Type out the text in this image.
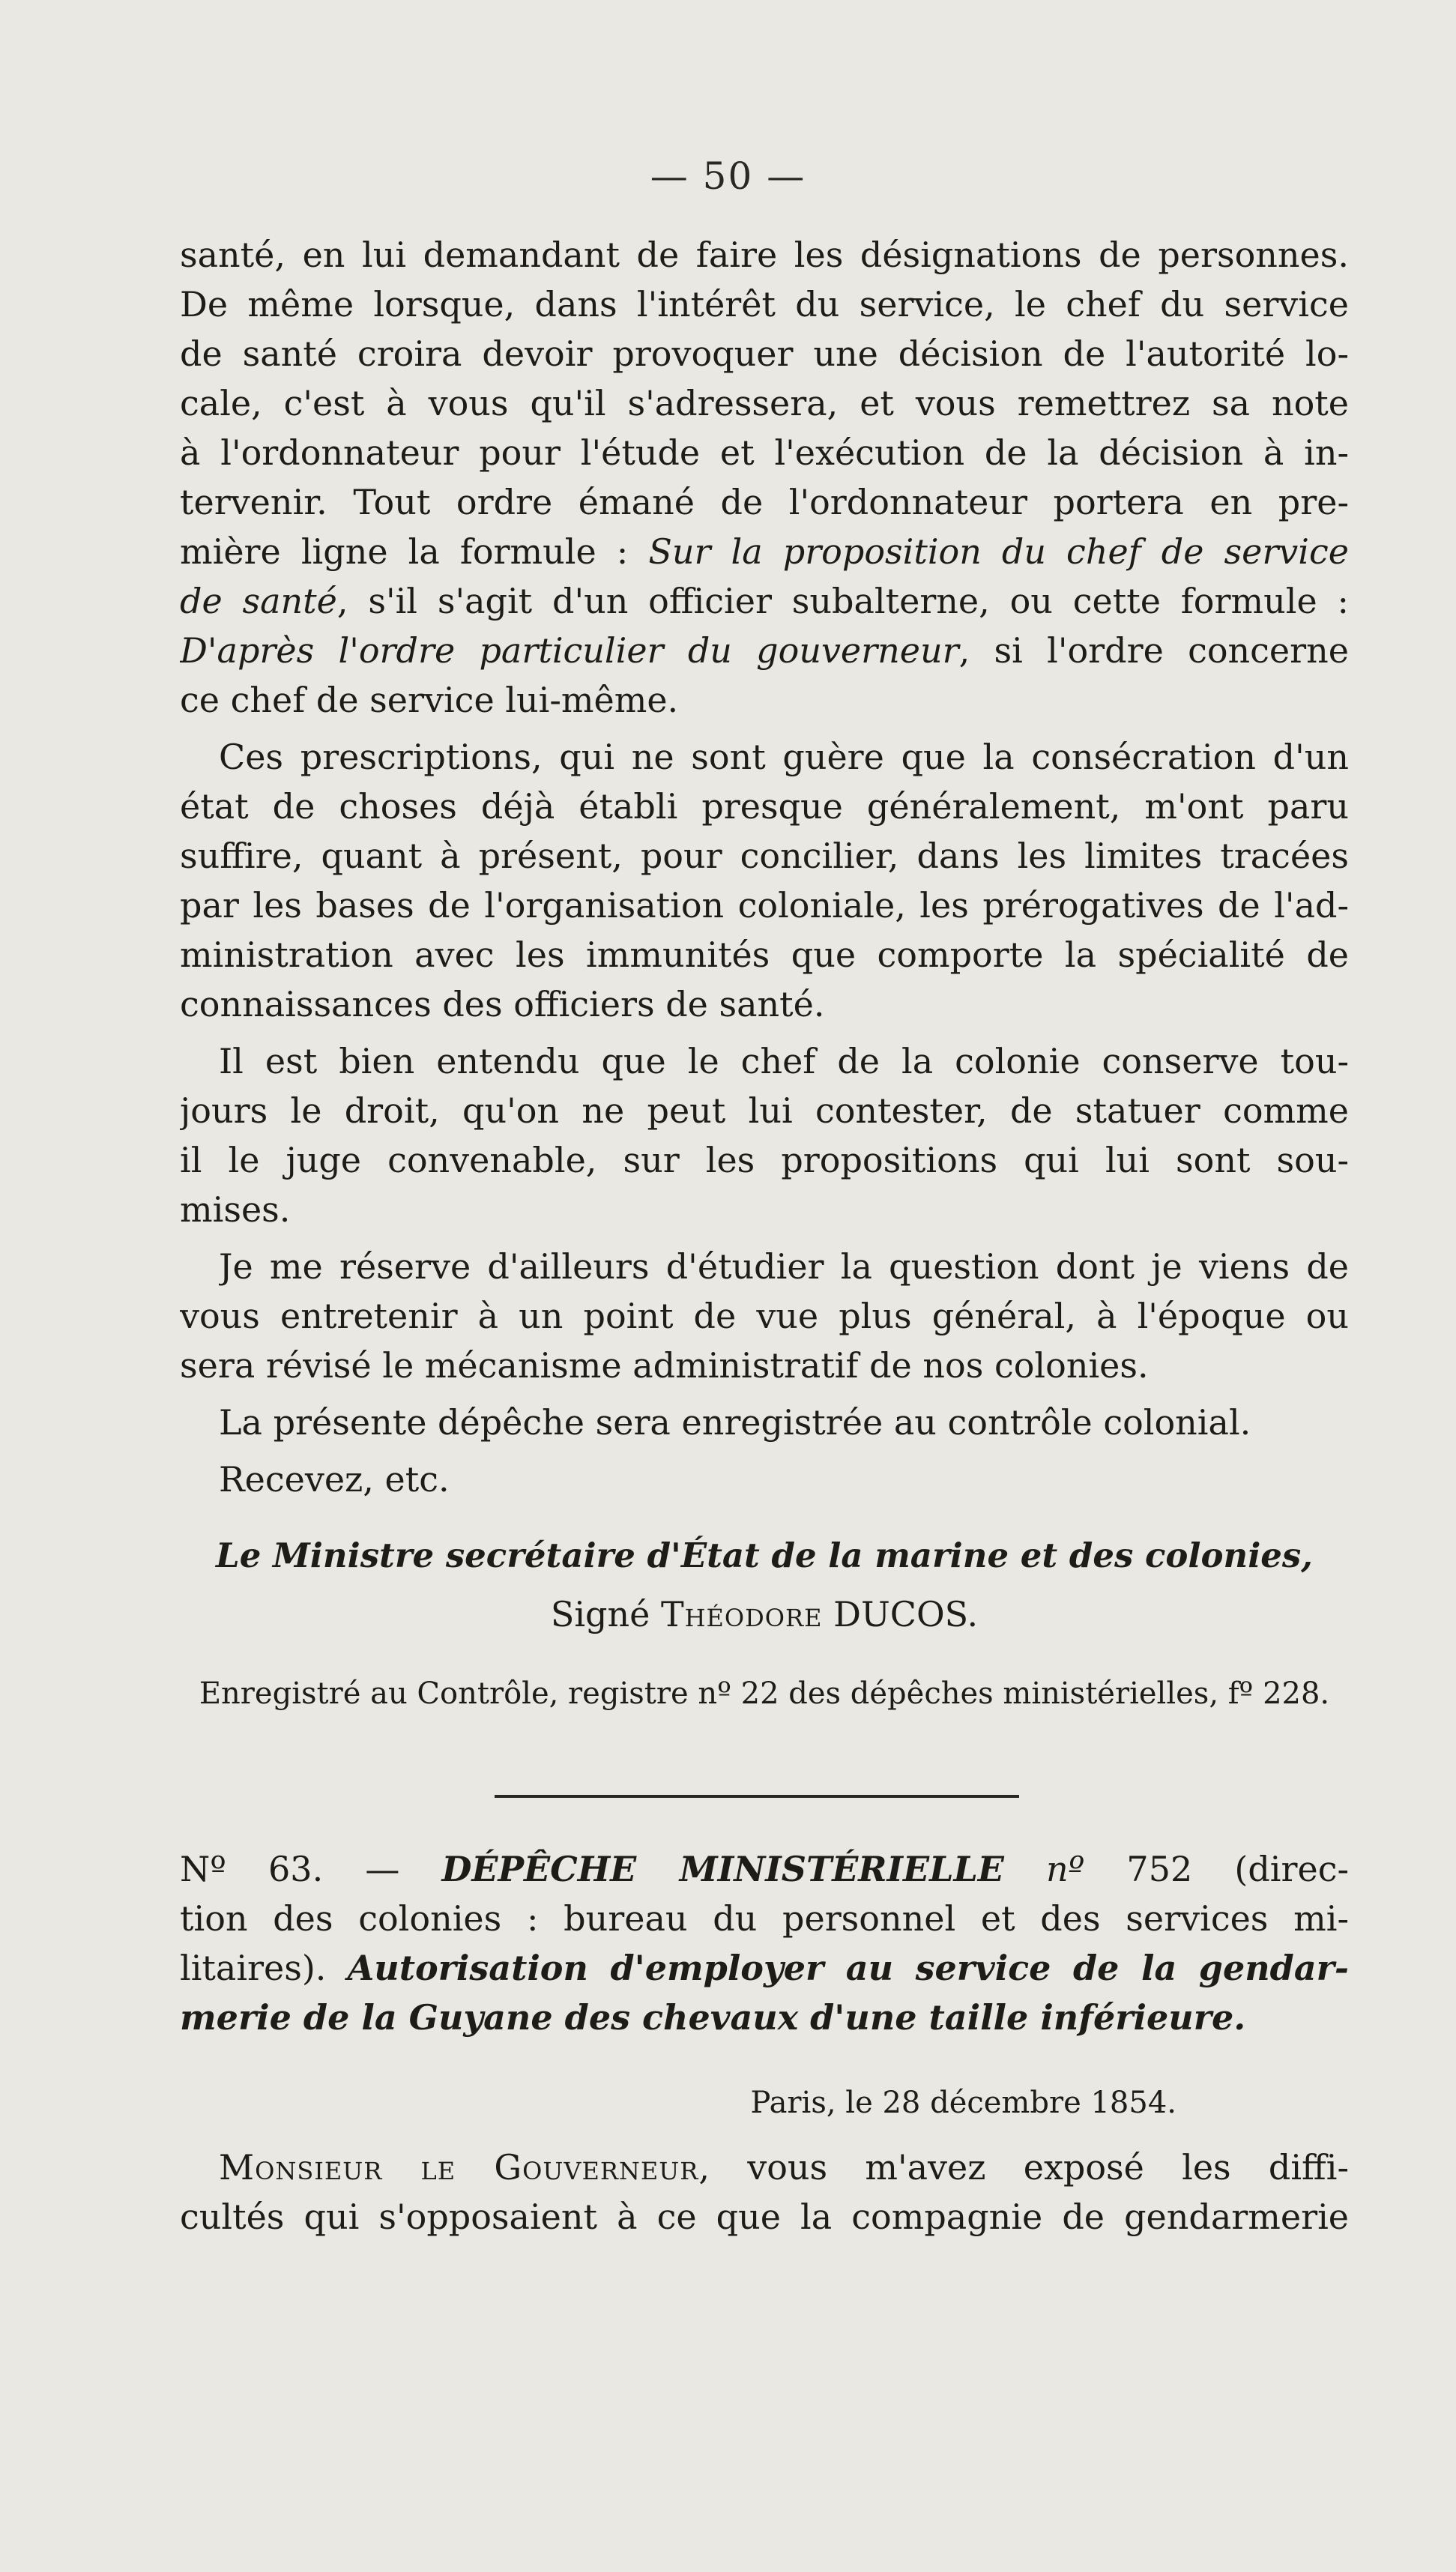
— 50 —
santé, en lui demandant de faire les désignations de personnes.
De même lorsque, dans l'intérêt du service, le chef du service
de santé croira devoir provoquer une décision de l'autorité lo-
cale, c'est à vous qu'il s'adressera, et vous remettrez sa note
à l'ordonnateur pour l'étude et l'exécution de la décision à in-
tervenir. Tout ordre émané de l'ordonnateur portera en pre-
mière ligne la formule : Sur la proposition du chef de service
de santé, s'il s'agit d'un officier subalterne, ou cette formule :
D'après l'ordre particulier du gouverneur, si l'ordre concerne
ce chef de service lui-même.
Ces prescriptions, qui ne sont guère que la consécration d'un
état de choses déjà établi presque généralement, m'ont paru
suffire, quant à présent, pour concilier, dans les limites tracées
par les bases de l'organisation coloniale, les prérogatives de l'ad-
ministration avec les immunités que comporte la spécialité de
connaissances des officiers de santé.
Il est bien entendu que le chef de la colonie conserve tou-
jours le droit, qu'on ne peut lui contester, de statuer comme
il le juge convenable, sur les propositions qui lui sont sou-
mises.
Je me réserve d'ailleurs d'étudier la question dont je viens de
vous entretenir à un point de vue plus général, à l'époque ou
sera révisé le mécanisme administratif de nos colonies.
La présente dépêche sera enregistrée au contrôle colonial.
Recevez, etc.
Le Ministre secrétaire d'État de la marine et des colonies,
Signé Théodore DUCOS.
Enregistré au Contrôle, registre nº 22 des dépêches ministérielles, fº 228.
Nº 63. — DÉPÊCHE MINISTÉRIELLE nº 752 (direc-
tion des colonies : bureau du personnel et des services mi-
litaires). Autorisation d'employer au service de la gendar-
merie de la Guyane des chevaux d'une taille inférieure.
Paris, le 28 décembre 1854.
Monsieur le Gouverneur, vous m'avez exposé les diffi-
cultés qui s'opposaient à ce que la compagnie de gendarmerie
